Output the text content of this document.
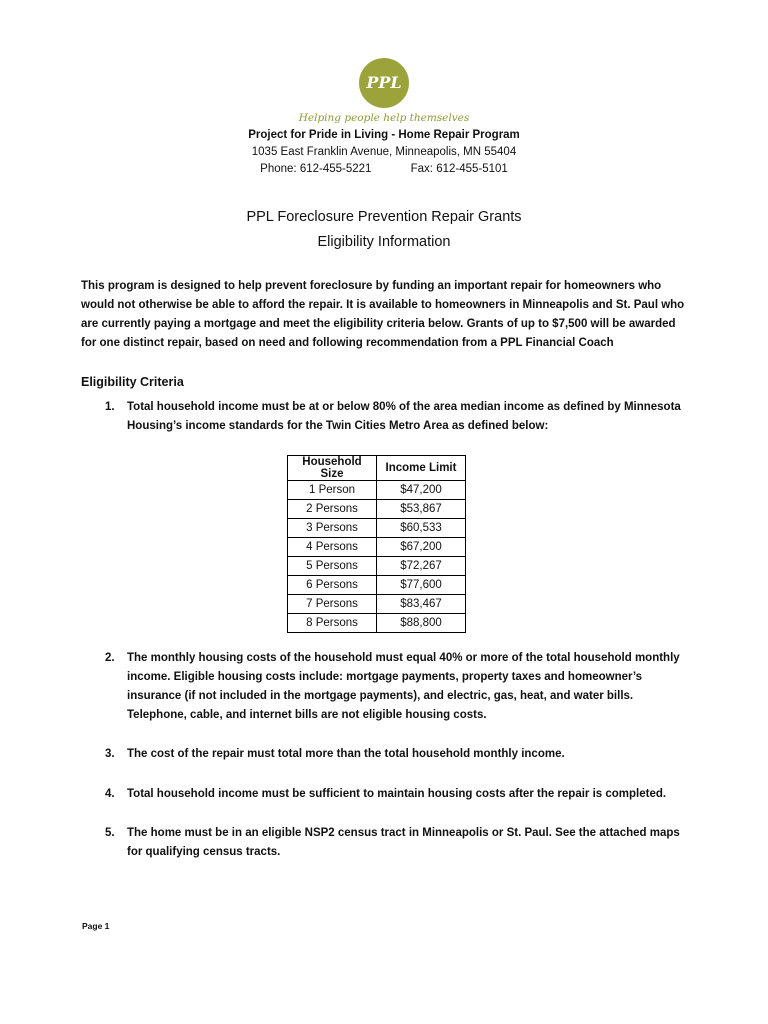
PPL
Helping people help themselves
Project for Pride in Living - Home Repair Program
1035 East Franklin Avenue, Minneapolis, MN 55404
Phone: 612-455-5221	Fax: 612-455-5101
PPL Foreclosure Prevention Repair Grants
Eligibility Information
This program is designed to help prevent foreclosure by funding an important repair for homeowners who would not otherwise be able to afford the repair. It is available to homeowners in Minneapolis and St. Paul who are currently paying a mortgage and meet the eligibility criteria below. Grants of up to $7,500 will be awarded for one distinct repair, based on need and following recommendation from a PPL Financial Coach
Eligibility Criteria
1. Total household income must be at or below 80% of the area median income as defined by Minnesota Housing’s income standards for the Twin Cities Metro Area as defined below:
Household Size	Income Limit
1 Person	$47,200
2 Persons	$53,867
3 Persons	$60,533
4 Persons	$67,200
5 Persons	$72,267
6 Persons	$77,600
7 Persons	$83,467
8 Persons	$88,800
2. The monthly housing costs of the household must equal 40% or more of the total household monthly income. Eligible housing costs include: mortgage payments, property taxes and homeowner’s insurance (if not included in the mortgage payments), and electric, gas, heat, and water bills. Telephone, cable, and internet bills are not eligible housing costs.
3. The cost of the repair must total more than the total household monthly income.
4. Total household income must be sufficient to maintain housing costs after the repair is completed.
5. The home must be in an eligible NSP2 census tract in Minneapolis or St. Paul. See the attached maps for qualifying census tracts.
Page 1
